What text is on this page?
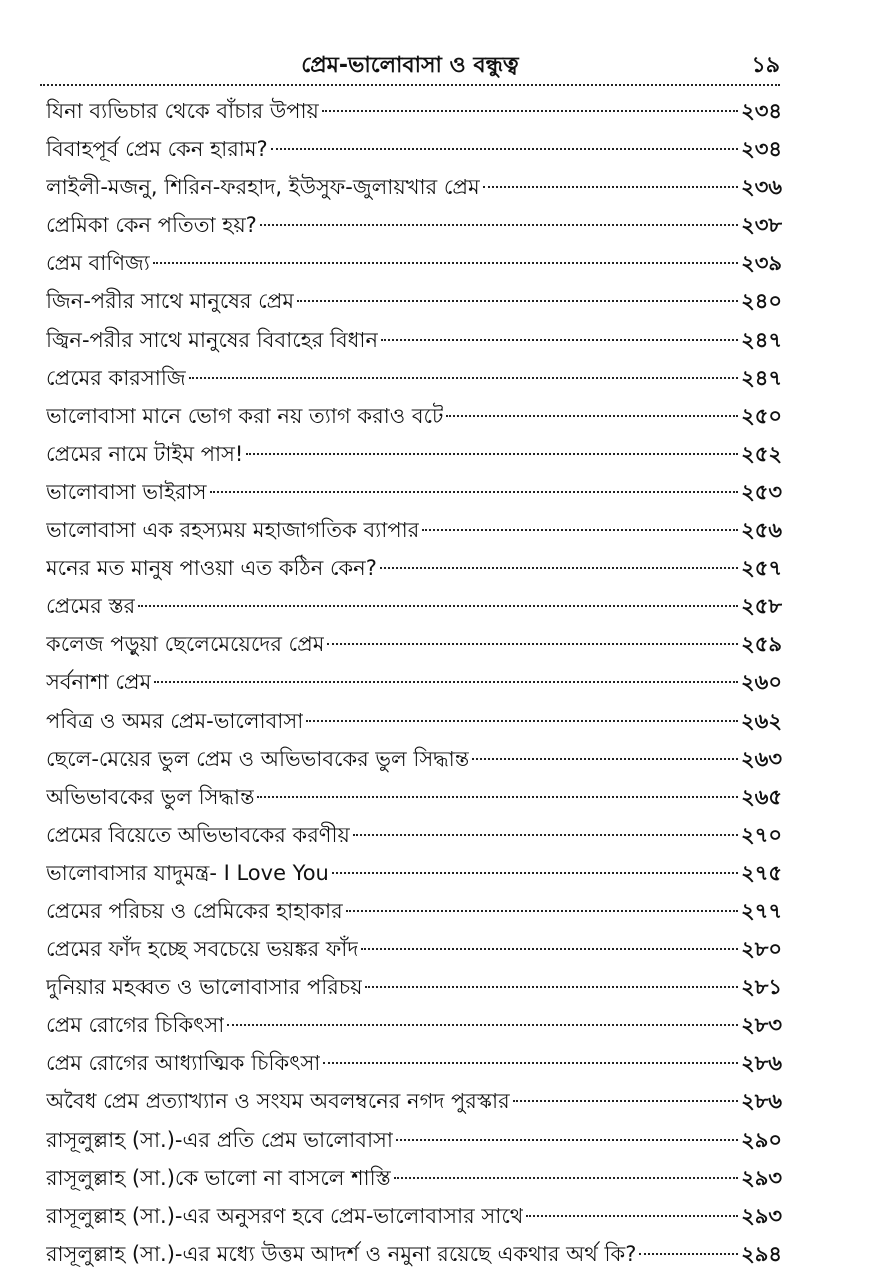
প্রেম-ভালোবাসা ও বন্ধুত্ব	১৯
যিনা ব্যভিচার থেকে বাঁচার উপায়	২৩৪
বিবাহপূর্ব প্রেম কেন হারাম?	২৩৪
লাইলী-মজনু, শিরিন-ফরহাদ, ইউসুফ-জুলায়খার প্রেম	২৩৬
প্রেমিকা কেন পতিতা হয়?	২৩৮
প্রেম বাণিজ্য	২৩৯
জিন-পরীর সাথে মানুষের প্রেম	২৪০
জ্বিন-পরীর সাথে মানুষের বিবাহের বিধান	২৪৭
প্রেমের কারসাজি	২৪৭
ভালোবাসা মানে ভোগ করা নয় ত্যাগ করাও বটে	২৫০
প্রেমের নামে টাইম পাস!	২৫২
ভালোবাসা ভাইরাস	২৫৩
ভালোবাসা এক রহস্যময় মহাজাগতিক ব্যাপার	২৫৬
মনের মত মানুষ পাওয়া এত কঠিন কেন?	২৫৭
প্রেমের স্তর	২৫৮
কলেজ পড়ুয়া ছেলেমেয়েদের প্রেম	২৫৯
সর্বনাশা প্রেম	২৬০
পবিত্র ও অমর প্রেম-ভালোবাসা	২৬২
ছেলে-মেয়ের ভুল প্রেম ও অভিভাবকের ভুল সিদ্ধান্ত	২৬৩
অভিভাবকের ভুল সিদ্ধান্ত	২৬৫
প্রেমের বিয়েতে অভিভাবকের করণীয়	২৭০
ভালোবাসার যাদুমন্ত্র- I Love You	২৭৫
প্রেমের পরিচয় ও প্রেমিকের হাহাকার	২৭৭
প্রেমের ফাঁদ হচ্ছে সবচেয়ে ভয়ঙ্কর ফাঁদ	২৮০
দুনিয়ার মহব্বত ও ভালোবাসার পরিচয়	২৮১
প্রেম রোগের চিকিৎসা	২৮৩
প্রেম রোগের আধ্যাত্মিক চিকিৎসা	২৮৬
অবৈধ প্রেম প্রত্যাখ্যান ও সংযম অবলম্বনের নগদ পুরস্কার	২৮৬
রাসূলুল্লাহ (সা.)-এর প্রতি প্রেম ভালোবাসা	২৯০
রাসূলুল্লাহ (সা.)কে ভালো না বাসলে শাস্তি	২৯৩
রাসূলুল্লাহ (সা.)-এর অনুসরণ হবে প্রেম-ভালোবাসার সাথে	২৯৩
রাসূলুল্লাহ (সা.)-এর মধ্যে উত্তম আদর্শ ও নমুনা রয়েছে একথার অর্থ কি?	২৯৪
